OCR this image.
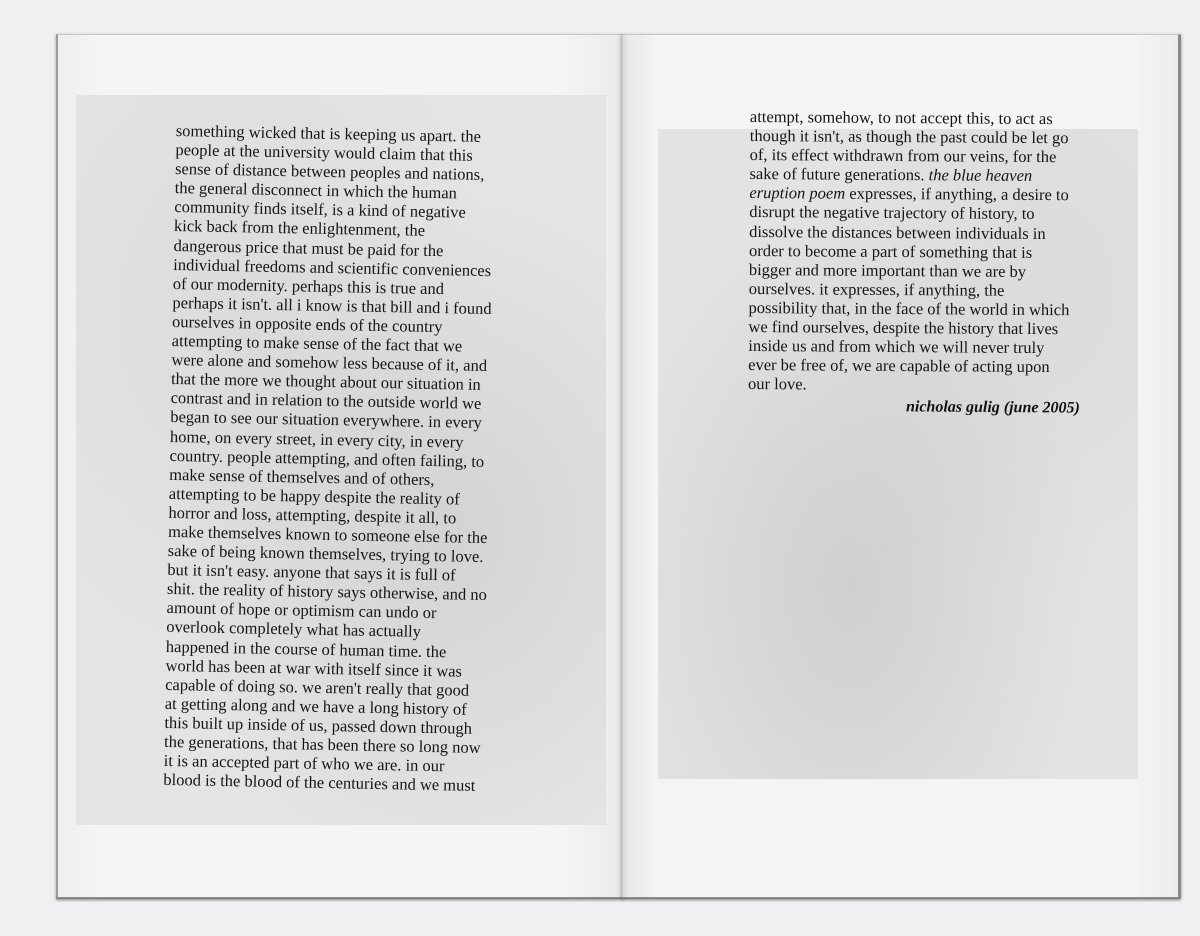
something wicked that is keeping us apart. the
people at the university would claim that this
sense of distance between peoples and nations,
the general disconnect in which the human
community finds itself, is a kind of negative
kick back from the enlightenment, the
dangerous price that must be paid for the
individual freedoms and scientific conveniences
of our modernity. perhaps this is true and
perhaps it isn't. all i know is that bill and i found
ourselves in opposite ends of the country
attempting to make sense of the fact that we
were alone and somehow less because of it, and
that the more we thought about our situation in
contrast and in relation to the outside world we
began to see our situation everywhere. in every
home, on every street, in every city, in every
country. people attempting, and often failing, to
make sense of themselves and of others,
attempting to be happy despite the reality of
horror and loss, attempting, despite it all, to
make themselves known to someone else for the
sake of being known themselves, trying to love.
but it isn't easy. anyone that says it is full of
shit. the reality of history says otherwise, and no
amount of hope or optimism can undo or
overlook completely what has actually
happened in the course of human time. the
world has been at war with itself since it was
capable of doing so. we aren't really that good
at getting along and we have a long history of
this built up inside of us, passed down through
the generations, that has been there so long now
it is an accepted part of who we are. in our
blood is the blood of the centuries and we must
attempt, somehow, to not accept this, to act as
though it isn't, as though the past could be let go
of, its effect withdrawn from our veins, for the
sake of future generations. the blue heaven
eruption poem expresses, if anything, a desire to
disrupt the negative trajectory of history, to
dissolve the distances between individuals in
order to become a part of something that is
bigger and more important than we are by
ourselves. it expresses, if anything, the
possibility that, in the face of the world in which
we find ourselves, despite the history that lives
inside us and from which we will never truly
ever be free of, we are capable of acting upon
our love.
nicholas gulig (june 2005)
